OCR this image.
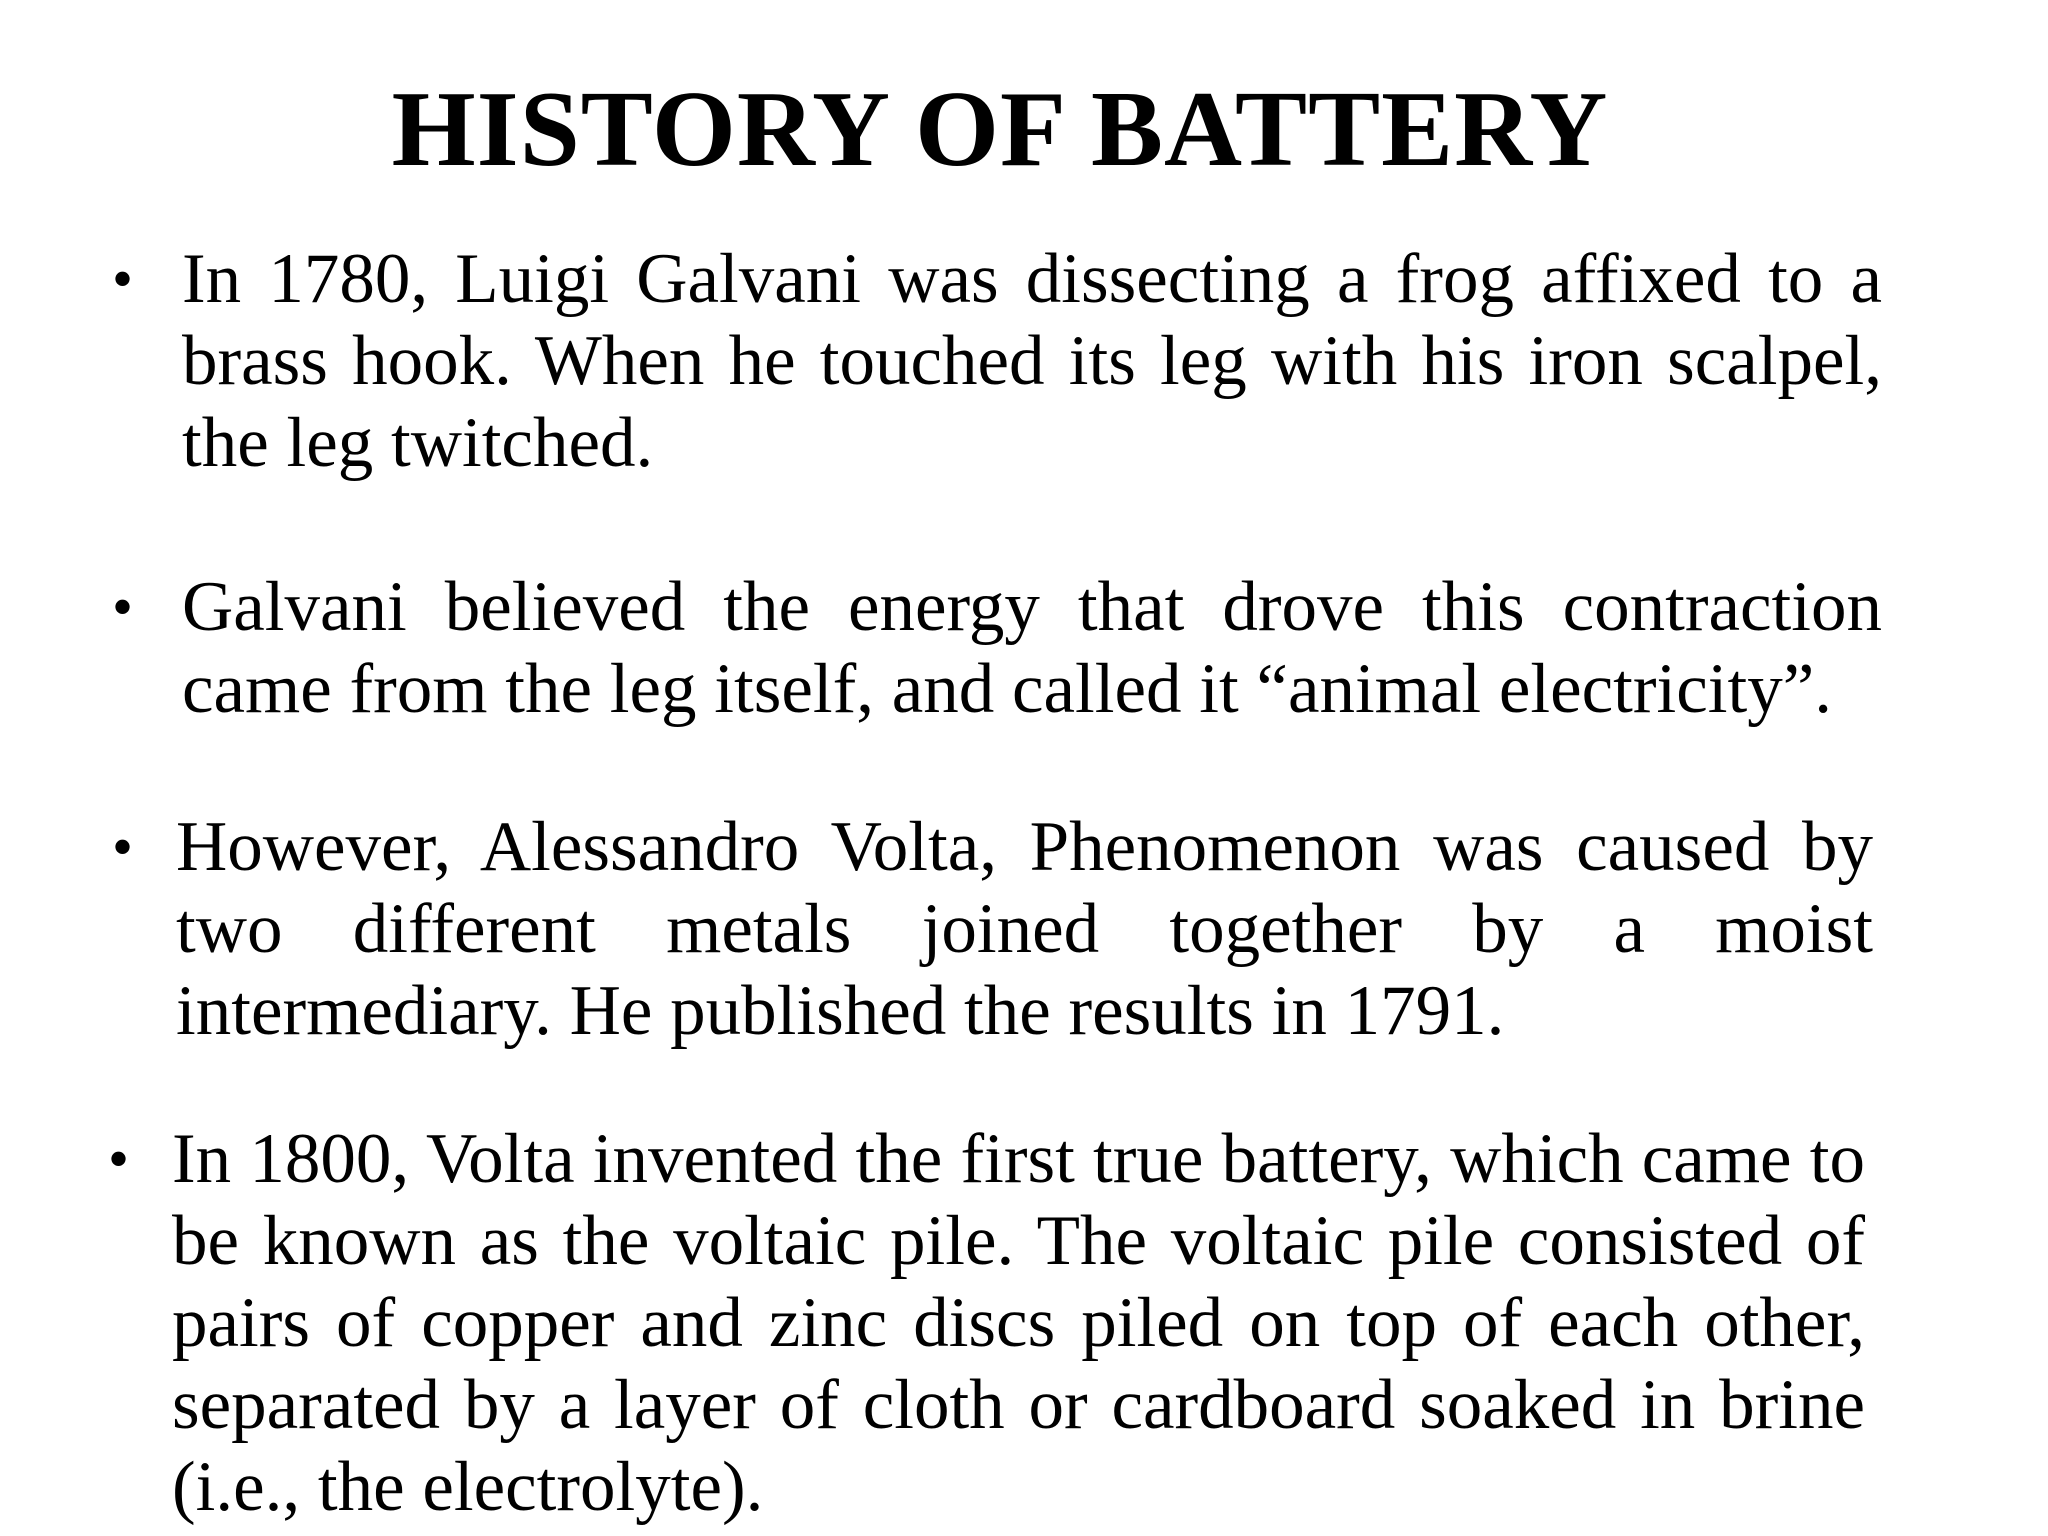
HISTORY OF BATTERY
• In 1780, Luigi Galvani was dissecting a frog affixed to a brass hook. When he touched its leg with his iron scalpel, the leg twitched.
• Galvani believed the energy that drove this contraction came from the leg itself, and called it “animal electricity”.
• However, Alessandro Volta, Phenomenon was caused by two different metals joined together by a moist intermediary. He published the results in 1791.
• In 1800, Volta invented the first true battery, which came to be known as the voltaic pile. The voltaic pile consisted of pairs of copper and zinc discs piled on top of each other, separated by a layer of cloth or cardboard soaked in brine (i.e., the electrolyte).
